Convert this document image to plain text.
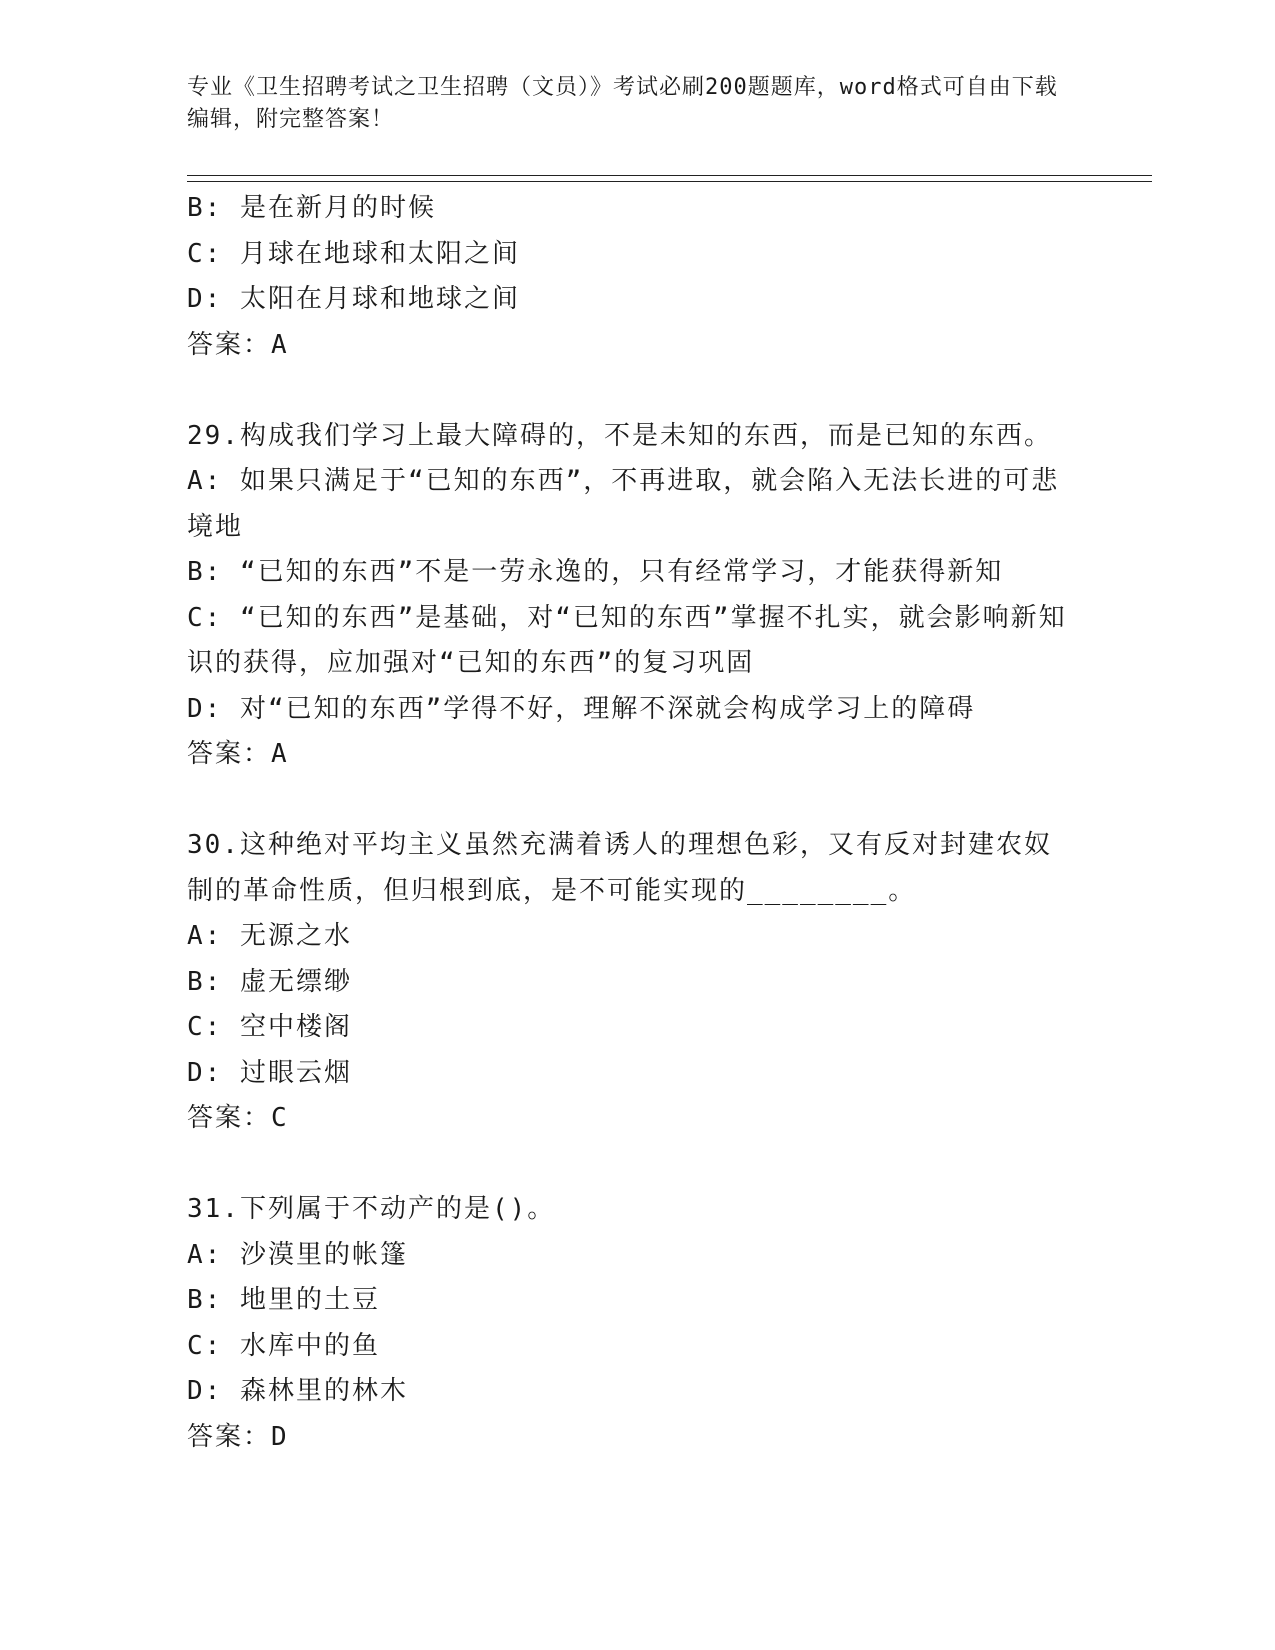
专业《卫生招聘考试之卫生招聘（文员）》考试必刷200题题库，word格式可自由下载编辑，附完整答案！

B: 是在新月的时候

C: 月球在地球和太阳之间

D: 太阳在月球和地球之间

答案：A

29.构成我们学习上最大障碍的，不是未知的东西，而是已知的东西。

A: 如果只满足于“已知的东西”，不再进取，就会陷入无法长进的可悲境地

B: “已知的东西”不是一劳永逸的，只有经常学习，才能获得新知

C: “已知的东西”是基础，对“已知的东西”掌握不扎实，就会影响新知识的获得，应加强对“已知的东西”的复习巩固

D: 对“已知的东西”学得不好，理解不深就会构成学习上的障碍

答案：A

30.这种绝对平均主义虽然充满着诱人的理想色彩，又有反对封建农奴制的革命性质，但归根到底，是不可能实现的________。

A: 无源之水

B: 虚无缥缈

C: 空中楼阁

D: 过眼云烟

答案：C

31.下列属于不动产的是()。

A: 沙漠里的帐篷

B: 地里的土豆

C: 水库中的鱼

D: 森林里的林木

答案：D
